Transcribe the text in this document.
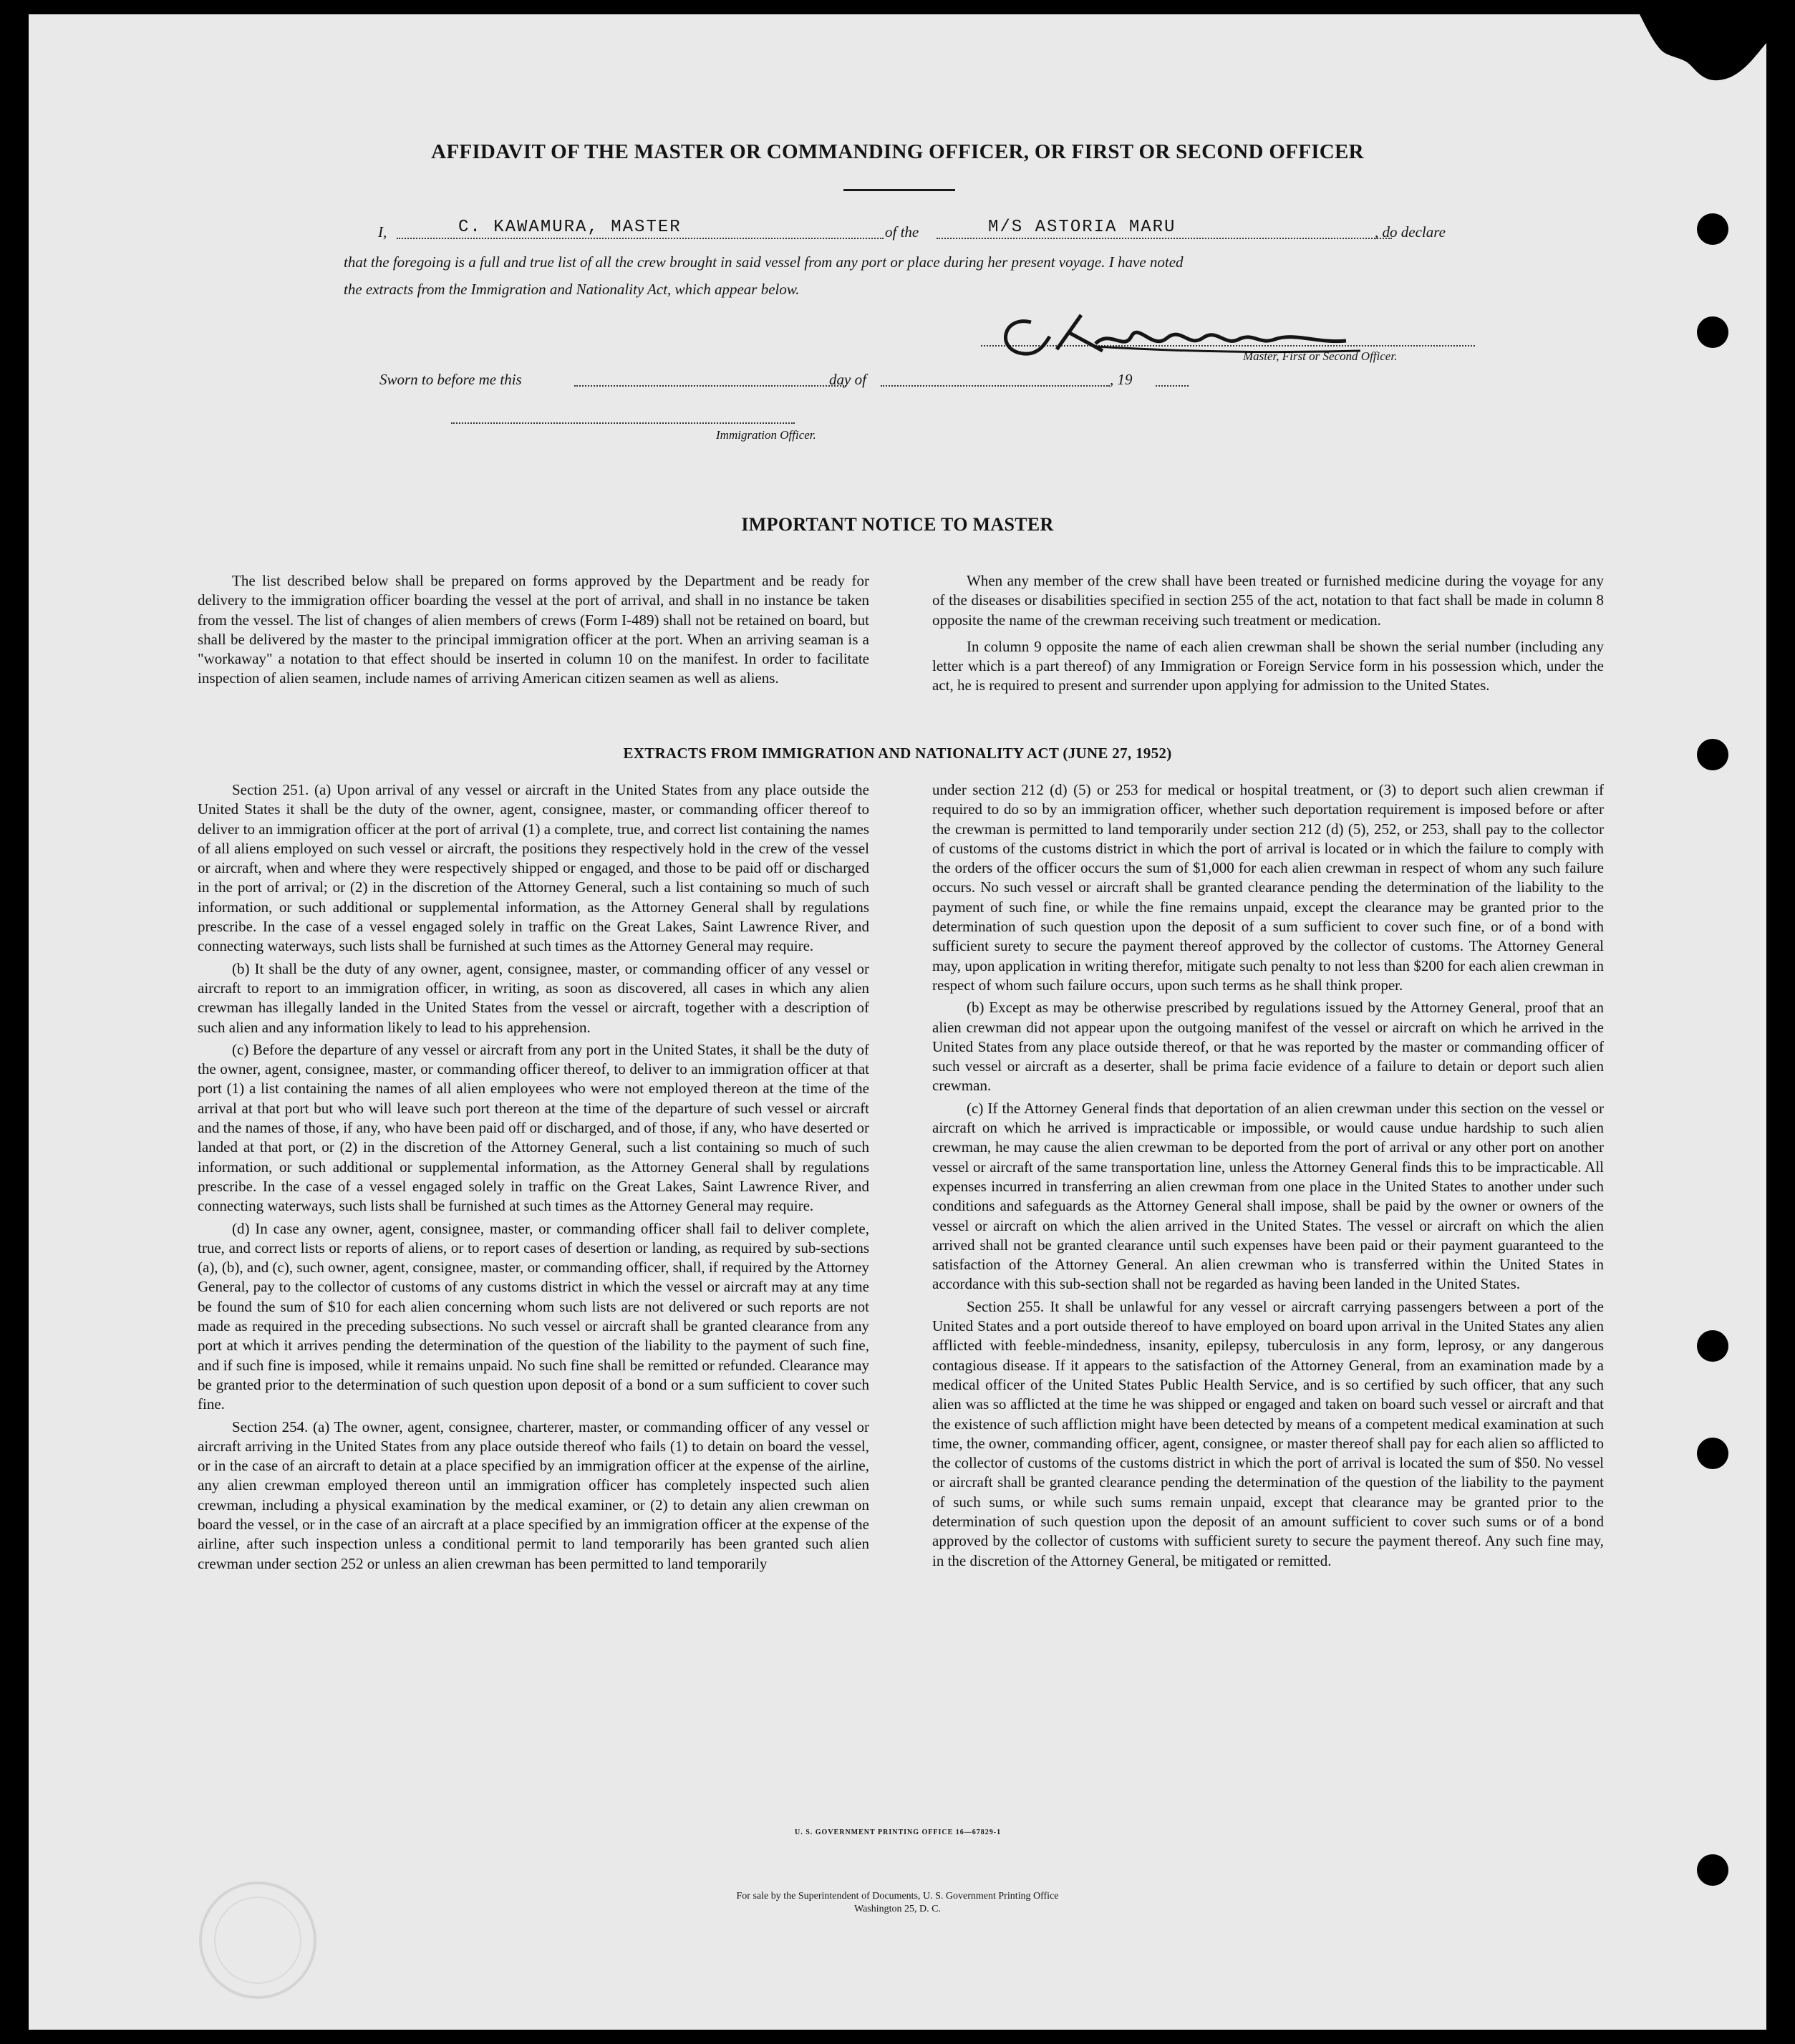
AFFIDAVIT OF THE MASTER OR COMMANDING OFFICER, OR FIRST OR SECOND OFFICER
I,	C. KAWAMURA, MASTER	of the	M/S ASTORIA MARU	, do declare
that the foregoing is a full and true list of all the crew brought in said vessel from any port or place during her present voyage. I have noted
the extracts from the Immigration and Nationality Act, which appear below.
Master, First or Second Officer.
Sworn to before me this	day of	, 19
Immigration Officer.
IMPORTANT NOTICE TO MASTER

The list described below shall be prepared on forms approved by the Department and be ready for delivery to the immigration officer boarding the vessel at the port of arrival, and shall in no instance be taken from the vessel. The list of changes of alien members of crews (Form I-489) shall not be retained on board, but shall be delivered by the master to the principal immigration officer at the port. When an arriving seaman is a "workaway" a notation to that effect should be inserted in column 10 on the manifest. In order to facilitate inspection of alien seamen, include names of arriving American citizen seamen as well as aliens.

When any member of the crew shall have been treated or furnished medicine during the voyage for any of the diseases or disabilities specified in section 255 of the act, notation to that fact shall be made in column 8 opposite the name of the crewman receiving such treatment or medication.

In column 9 opposite the name of each alien crewman shall be shown the serial number (including any letter which is a part thereof) of any Immigration or Foreign Service form in his possession which, under the act, he is required to present and surrender upon applying for admission to the United States.

EXTRACTS FROM IMMIGRATION AND NATIONALITY ACT (JUNE 27, 1952)

Section 251. (a) Upon arrival of any vessel or aircraft in the United States from any place outside the United States it shall be the duty of the owner, agent, consignee, master, or commanding officer thereof to deliver to an immigration officer at the port of arrival (1) a complete, true, and correct list containing the names of all aliens employed on such vessel or aircraft, the positions they respectively hold in the crew of the vessel or aircraft, when and where they were respectively shipped or engaged, and those to be paid off or discharged in the port of arrival; or (2) in the discretion of the Attorney General, such a list containing so much of such information, or such additional or supplemental information, as the Attorney General shall by regulations prescribe. In the case of a vessel engaged solely in traffic on the Great Lakes, Saint Lawrence River, and connecting waterways, such lists shall be furnished at such times as the Attorney General may require.

(b) It shall be the duty of any owner, agent, consignee, master, or commanding officer of any vessel or aircraft to report to an immigration officer, in writing, as soon as discovered, all cases in which any alien crewman has illegally landed in the United States from the vessel or aircraft, together with a description of such alien and any information likely to lead to his apprehension.

(c) Before the departure of any vessel or aircraft from any port in the United States, it shall be the duty of the owner, agent, consignee, master, or commanding officer thereof, to deliver to an immigration officer at that port (1) a list containing the names of all alien employees who were not employed thereon at the time of the arrival at that port but who will leave such port thereon at the time of the departure of such vessel or aircraft and the names of those, if any, who have been paid off or discharged, and of those, if any, who have deserted or landed at that port, or (2) in the discretion of the Attorney General, such a list containing so much of such information, or such additional or supplemental information, as the Attorney General shall by regulations prescribe. In the case of a vessel engaged solely in traffic on the Great Lakes, Saint Lawrence River, and connecting waterways, such lists shall be furnished at such times as the Attorney General may require.

(d) In case any owner, agent, consignee, master, or commanding officer shall fail to deliver complete, true, and correct lists or reports of aliens, or to report cases of desertion or landing, as required by sub-sections (a), (b), and (c), such owner, agent, consignee, master, or commanding officer, shall, if required by the Attorney General, pay to the collector of customs of any customs district in which the vessel or aircraft may at any time be found the sum of $10 for each alien concerning whom such lists are not delivered or such reports are not made as required in the preceding subsections. No such vessel or aircraft shall be granted clearance from any port at which it arrives pending the determination of the question of the liability to the payment of such fine, and if such fine is imposed, while it remains unpaid. No such fine shall be remitted or refunded. Clearance may be granted prior to the determination of such question upon deposit of a bond or a sum sufficient to cover such fine.

Section 254. (a) The owner, agent, consignee, charterer, master, or commanding officer of any vessel or aircraft arriving in the United States from any place outside thereof who fails (1) to detain on board the vessel, or in the case of an aircraft to detain at a place specified by an immigration officer at the expense of the airline, any alien crewman employed thereon until an immigration officer has completely inspected such alien crewman, including a physical examination by the medical examiner, or (2) to detain any alien crewman on board the vessel, or in the case of an aircraft at a place specified by an immigration officer at the expense of the airline, after such inspection unless a conditional permit to land temporarily has been granted such alien crewman under section 252 or unless an alien crewman has been permitted to land temporarily

under section 212 (d) (5) or 253 for medical or hospital treatment, or (3) to deport such alien crewman if required to do so by an immigration officer, whether such deportation requirement is imposed before or after the crewman is permitted to land temporarily under section 212 (d) (5), 252, or 253, shall pay to the collector of customs of the customs district in which the port of arrival is located or in which the failure to comply with the orders of the officer occurs the sum of $1,000 for each alien crewman in respect of whom any such failure occurs. No such vessel or aircraft shall be granted clearance pending the determination of the liability to the payment of such fine, or while the fine remains unpaid, except the clearance may be granted prior to the determination of such question upon the deposit of a sum sufficient to cover such fine, or of a bond with sufficient surety to secure the payment thereof approved by the collector of customs. The Attorney General may, upon application in writing therefor, mitigate such penalty to not less than $200 for each alien crewman in respect of whom such failure occurs, upon such terms as he shall think proper.

(b) Except as may be otherwise prescribed by regulations issued by the Attorney General, proof that an alien crewman did not appear upon the outgoing manifest of the vessel or aircraft on which he arrived in the United States from any place outside thereof, or that he was reported by the master or commanding officer of such vessel or aircraft as a deserter, shall be prima facie evidence of a failure to detain or deport such alien crewman.

(c) If the Attorney General finds that deportation of an alien crewman under this section on the vessel or aircraft on which he arrived is impracticable or impossible, or would cause undue hardship to such alien crewman, he may cause the alien crewman to be deported from the port of arrival or any other port on another vessel or aircraft of the same transportation line, unless the Attorney General finds this to be impracticable. All expenses incurred in transferring an alien crewman from one place in the United States to another under such conditions and safeguards as the Attorney General shall impose, shall be paid by the owner or owners of the vessel or aircraft on which the alien arrived in the United States. The vessel or aircraft on which the alien arrived shall not be granted clearance until such expenses have been paid or their payment guaranteed to the satisfaction of the Attorney General. An alien crewman who is transferred within the United States in accordance with this sub-section shall not be regarded as having been landed in the United States.

Section 255. It shall be unlawful for any vessel or aircraft carrying passengers between a port of the United States and a port outside thereof to have employed on board upon arrival in the United States any alien afflicted with feeble-mindedness, insanity, epilepsy, tuberculosis in any form, leprosy, or any dangerous contagious disease. If it appears to the satisfaction of the Attorney General, from an examination made by a medical officer of the United States Public Health Service, and is so certified by such officer, that any such alien was so afflicted at the time he was shipped or engaged and taken on board such vessel or aircraft and that the existence of such affliction might have been detected by means of a competent medical examination at such time, the owner, commanding officer, agent, consignee, or master thereof shall pay for each alien so afflicted to the collector of customs of the customs district in which the port of arrival is located the sum of $50. No vessel or aircraft shall be granted clearance pending the determination of the question of the liability to the payment of such sums, or while such sums remain unpaid, except that clearance may be granted prior to the determination of such question upon the deposit of an amount sufficient to cover such sums or of a bond approved by the collector of customs with sufficient surety to secure the payment thereof. Any such fine may, in the discretion of the Attorney General, be mitigated or remitted.

U. S. GOVERNMENT PRINTING OFFICE 16—67829-1
For sale by the Superintendent of Documents, U. S. Government Printing Office
Washington 25, D. C.
